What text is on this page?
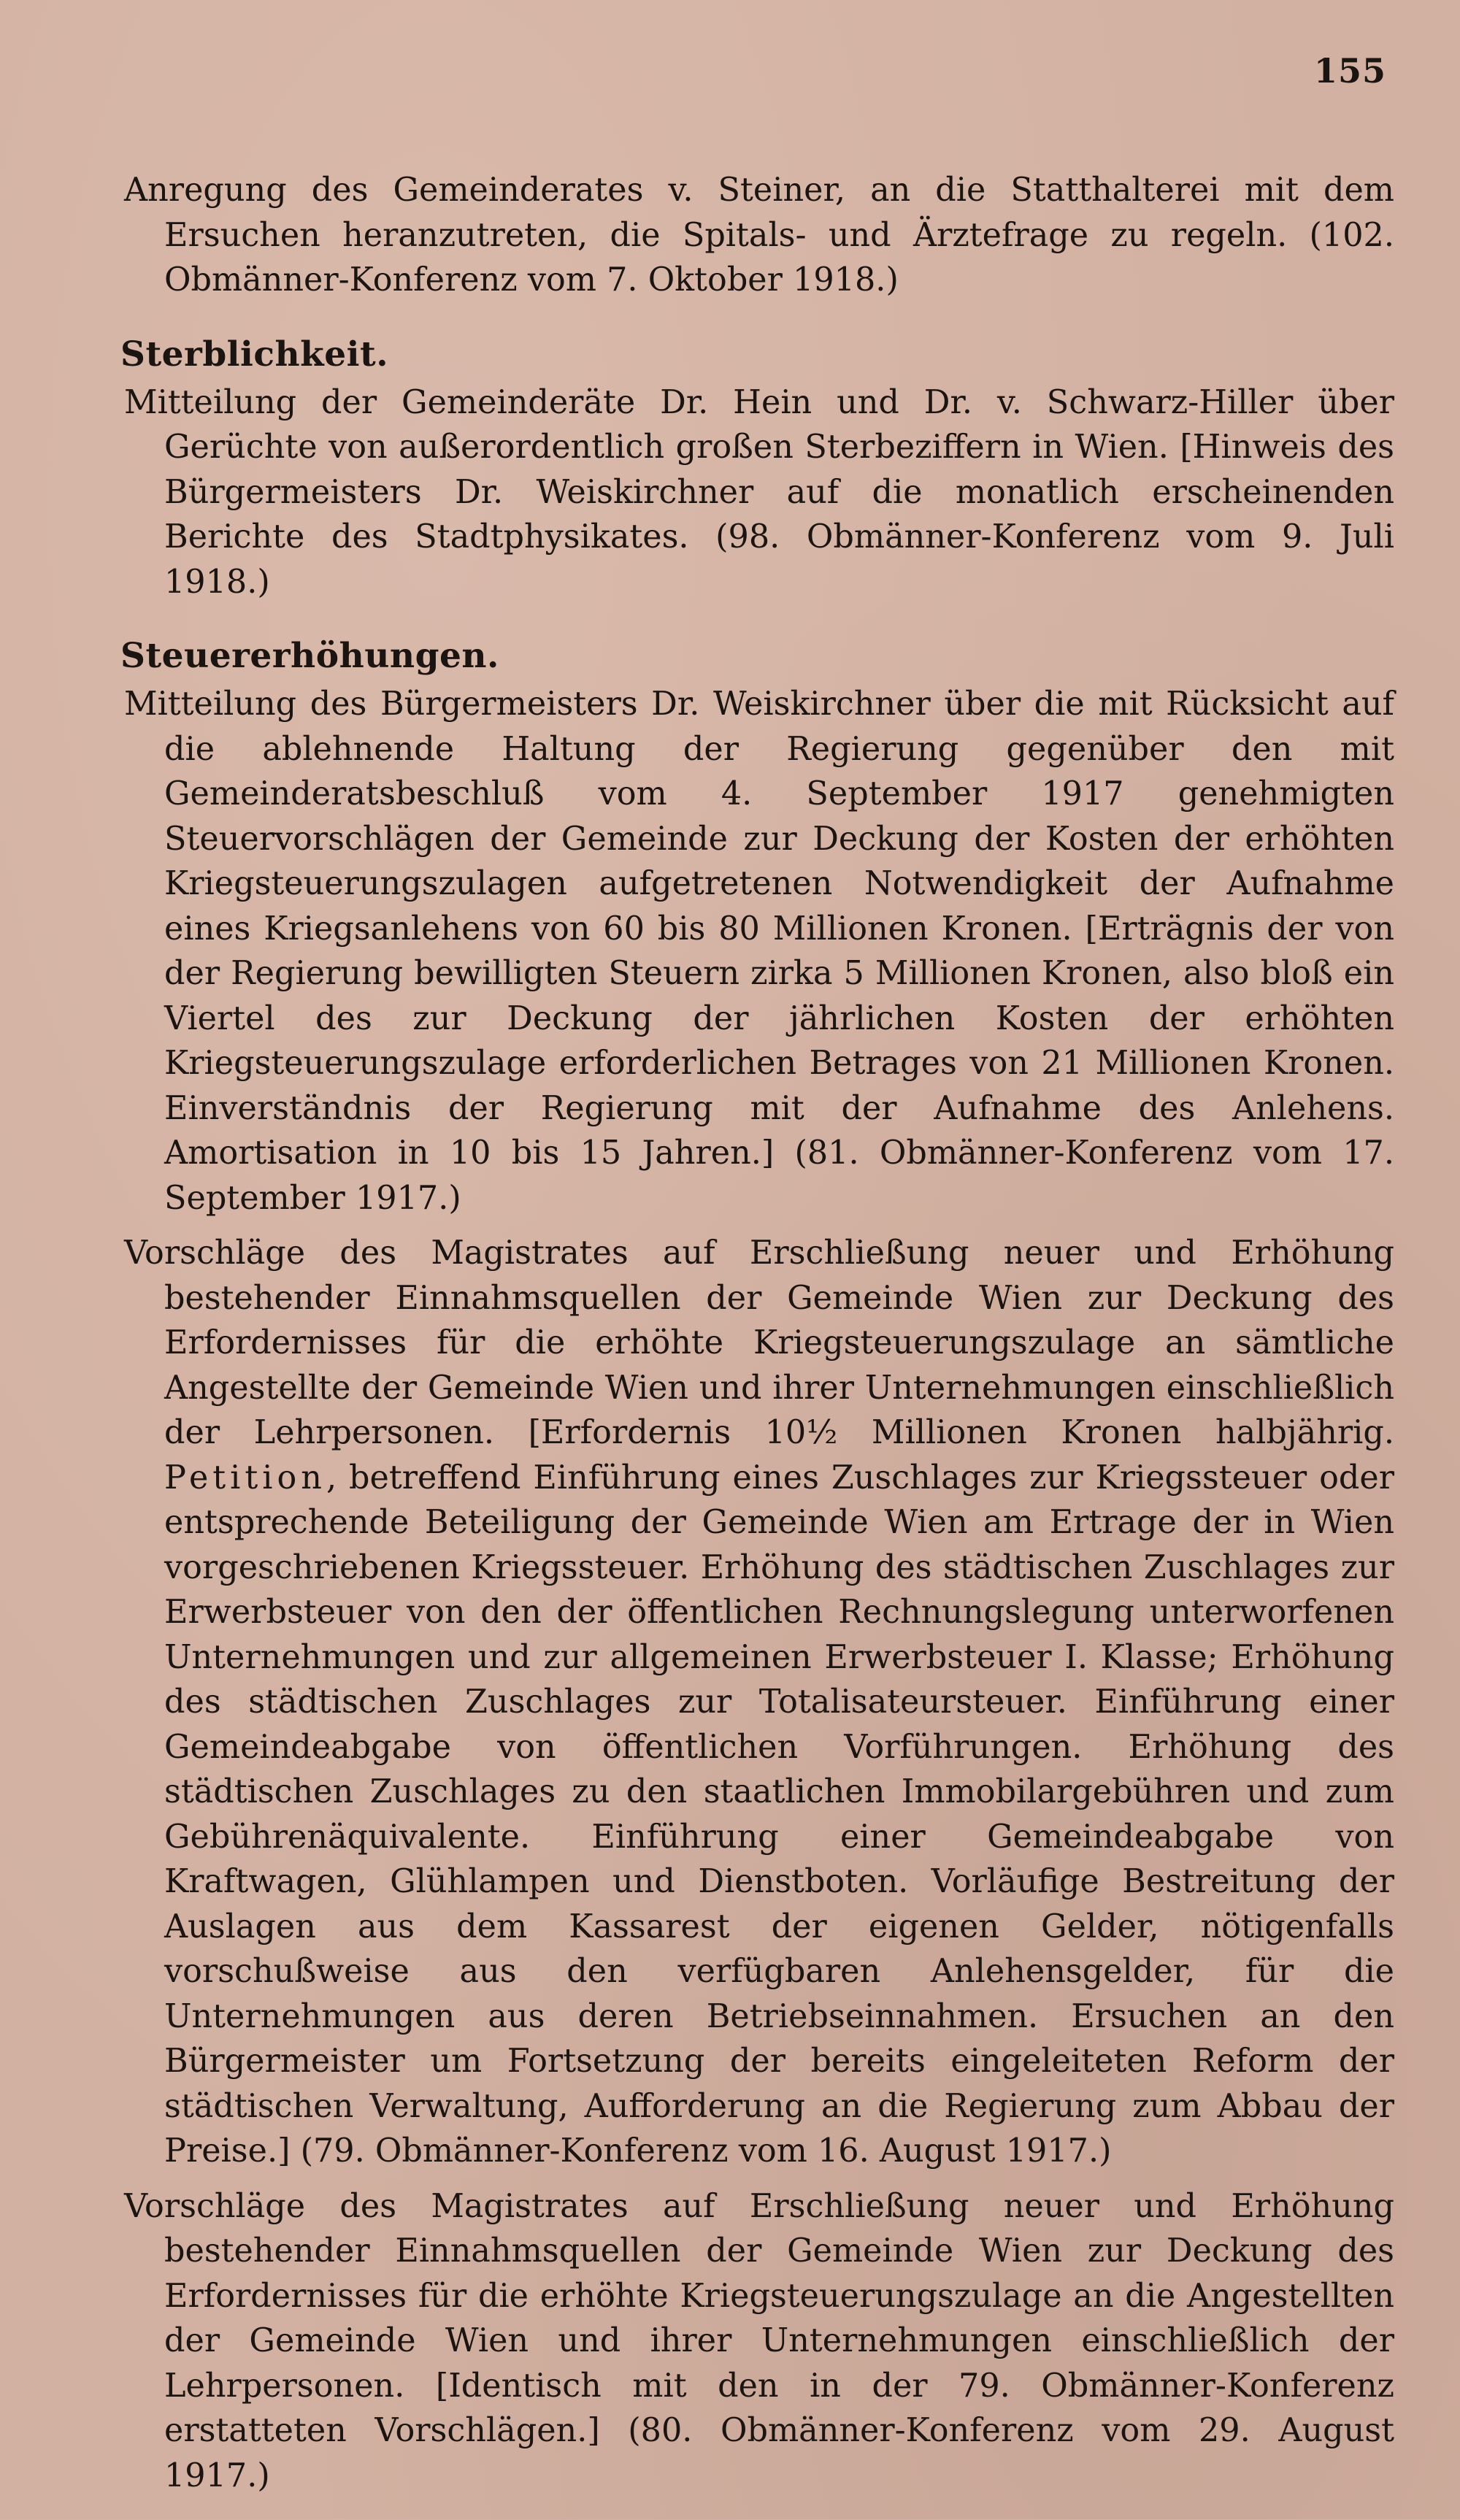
155

Anregung des Gemeinderates v. Steiner, an die Statthalterei mit dem Ersuchen heranzutreten, die Spitals- und Ärztefrage zu regeln. (102. Obmänner-Konferenz vom 7. Oktober 1918.)

Sterblichkeit.

Mitteilung der Gemeinderäte Dr. Hein und Dr. v. Schwarz-Hiller über Gerüchte von außerordentlich großen Sterbeziffern in Wien. [Hinweis des Bürgermeisters Dr. Weiskirchner auf die monatlich erscheinenden Berichte des Stadtphysikates. (98. Obmänner-Konferenz vom 9. Juli 1918.)

Steuererhöhungen.

Mitteilung des Bürgermeisters Dr. Weiskirchner über die mit Rücksicht auf die ablehnende Haltung der Regierung gegenüber den mit Gemeinderatsbeschluß vom 4. September 1917 genehmigten Steuervorschlägen der Gemeinde zur Deckung der Kosten der erhöhten Kriegsteuerungszulagen aufgetretenen Notwendigkeit der Aufnahme eines Kriegsanlehens von 60 bis 80 Millionen Kronen. [Erträgnis der von der Regierung bewilligten Steuern zirka 5 Millionen Kronen, also bloß ein Viertel des zur Deckung der jährlichen Kosten der erhöhten Kriegsteuerungszulage erforderlichen Betrages von 21 Millionen Kronen. Einverständnis der Regierung mit der Aufnahme des Anlehens. Amortisation in 10 bis 15 Jahren.] (81. Obmänner-Konferenz vom 17. September 1917.)

Vorschläge des Magistrates auf Erschließung neuer und Erhöhung bestehender Einnahmsquellen der Gemeinde Wien zur Deckung des Erfordernisses für die erhöhte Kriegsteuerungszulage an sämtliche Angestellte der Gemeinde Wien und ihrer Unternehmungen einschließlich der Lehrpersonen. [Erfordernis 10½ Millionen Kronen halbjährig. Petition, betreffend Einführung eines Zuschlages zur Kriegssteuer oder entsprechende Beteiligung der Gemeinde Wien am Ertrage der in Wien vorgeschriebenen Kriegssteuer. Erhöhung des städtischen Zuschlages zur Erwerbsteuer von den der öffentlichen Rechnungslegung unterworfenen Unternehmungen und zur allgemeinen Erwerbsteuer I. Klasse; Erhöhung des städtischen Zuschlages zur Totalisateursteuer. Einführung einer Gemeindeabgabe von öffentlichen Vorführungen. Erhöhung des städtischen Zuschlages zu den staatlichen Immobilargebühren und zum Gebührenäquivalente. Einführung einer Gemeindeabgabe von Kraftwagen, Glühlampen und Dienstboten. Vorläufige Bestreitung der Auslagen aus dem Kassarest der eigenen Gelder, nötigenfalls vorschußweise aus den verfügbaren Anlehensgelder, für die Unternehmungen aus deren Betriebseinnahmen. Ersuchen an den Bürgermeister um Fortsetzung der bereits eingeleiteten Reform der städtischen Verwaltung, Aufforderung an die Regierung zum Abbau der Preise.] (79. Obmänner-Konferenz vom 16. August 1917.)

Vorschläge des Magistrates auf Erschließung neuer und Erhöhung bestehender Einnahmsquellen der Gemeinde Wien zur Deckung des Erfordernisses für die erhöhte Kriegsteuerungszulage an die Angestellten der Gemeinde Wien und ihrer Unternehmungen einschließlich der Lehrpersonen. [Identisch mit den in der 79. Obmänner-Konferenz erstatteten Vorschlägen.] (80. Obmänner-Konferenz vom 29. August 1917.)
